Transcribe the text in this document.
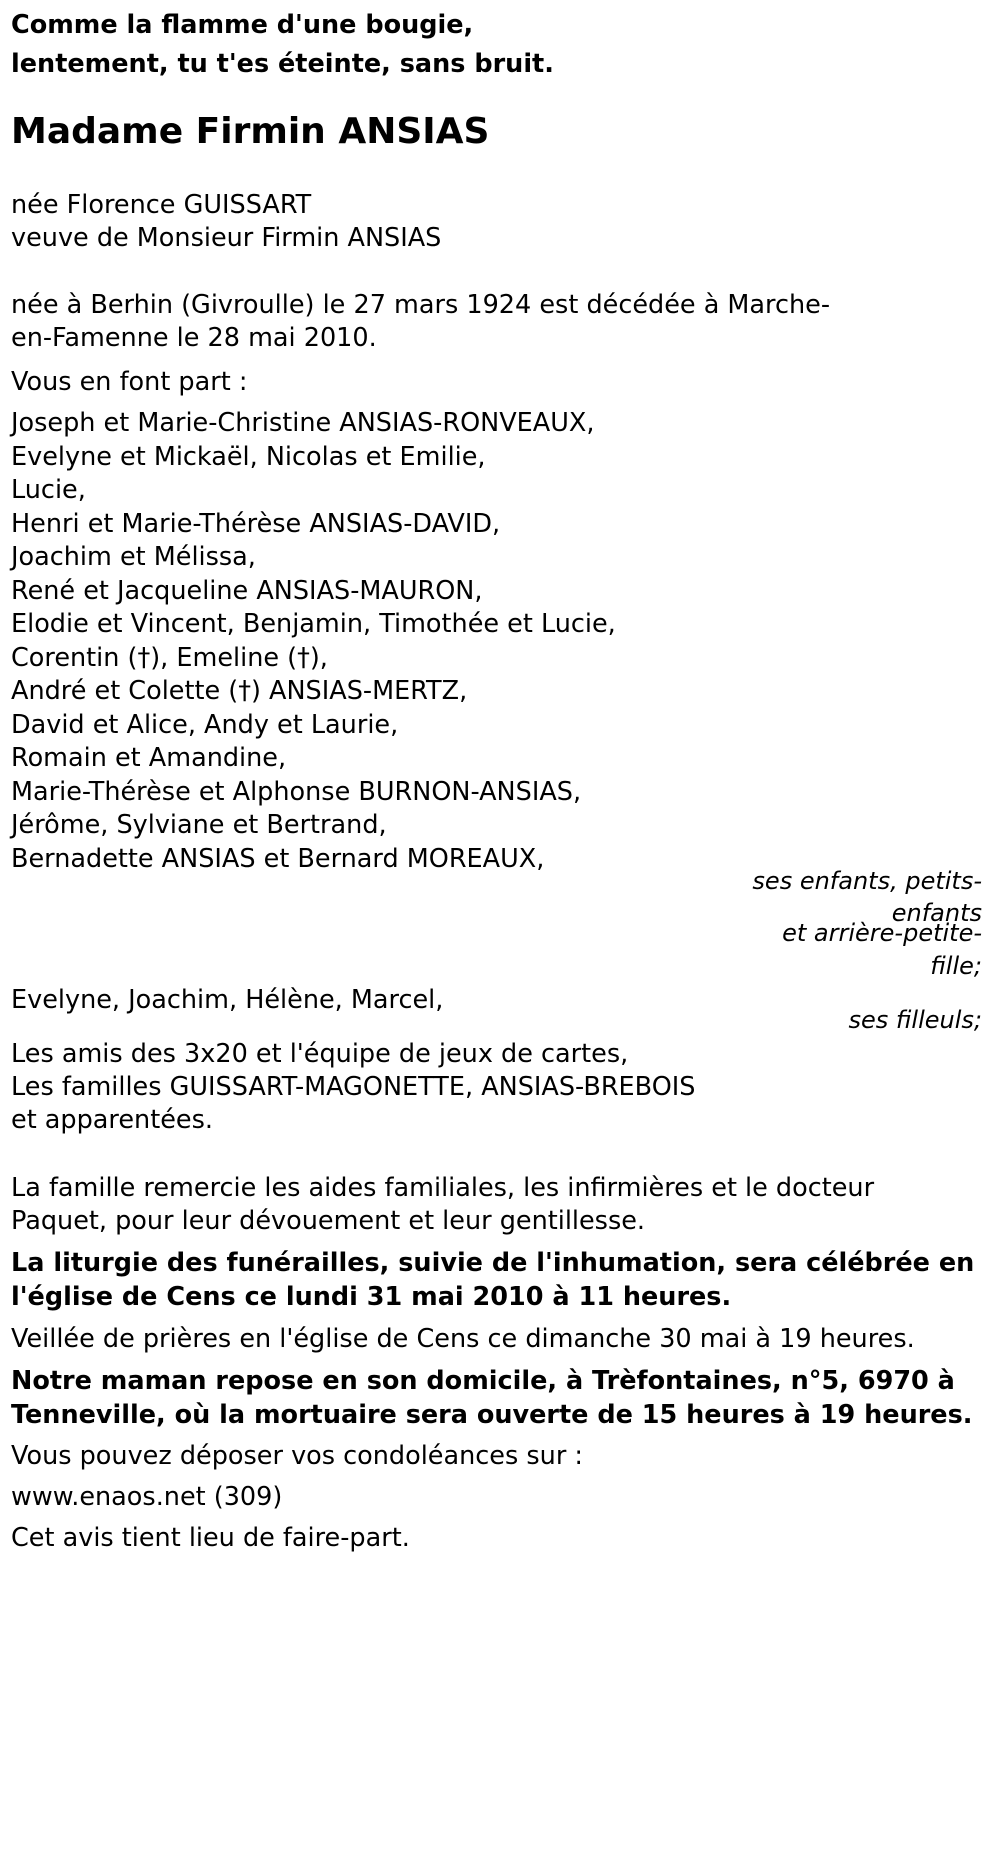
Comme la flamme d'une bougie,

lentement, tu t'es éteinte, sans bruit.

Madame Firmin ANSIAS

née Florence GUISSART

veuve de Monsieur Firmin ANSIAS

née à Berhin (Givroulle) le 27 mars 1924 est décédée à Marche-

en-Famenne le 28 mai 2010.

Vous en font part :

Joseph et Marie-Christine ANSIAS-RONVEAUX,

Evelyne et Mickaël, Nicolas et Emilie,

Lucie,

Henri et Marie-Thérèse ANSIAS-DAVID,

Joachim et Mélissa,

René et Jacqueline ANSIAS-MAURON,

Elodie et Vincent, Benjamin, Timothée et Lucie,

Corentin (†), Emeline (†),

André et Colette (†) ANSIAS-MERTZ,

David et Alice, Andy et Laurie,

Romain et Amandine,

Marie-Thérèse et Alphonse BURNON-ANSIAS,

Jérôme, Sylviane et Bertrand,

Bernadette ANSIAS et Bernard MOREAUX,

ses enfants, petits-

enfants

et arrière-petite-

fille;

Evelyne, Joachim, Hélène, Marcel,

ses filleuls;

Les amis des 3x20 et l'équipe de jeux de cartes,

Les familles GUISSART-MAGONETTE, ANSIAS-BREBOIS

et apparentées.

La famille remercie les aides familiales, les infirmières et le docteur

Paquet, pour leur dévouement et leur gentillesse.

La liturgie des funérailles, suivie de l'inhumation, sera célébrée en

l'église de Cens ce lundi 31 mai 2010 à 11 heures.

Veillée de prières en l'église de Cens ce dimanche 30 mai à 19 heures.

Notre maman repose en son domicile, à Trèfontaines, n°5, 6970 à

Tenneville, où la mortuaire sera ouverte de 15 heures à 19 heures.

Vous pouvez déposer vos condoléances sur :

www.enaos.net (309)

Cet avis tient lieu de faire-part.
